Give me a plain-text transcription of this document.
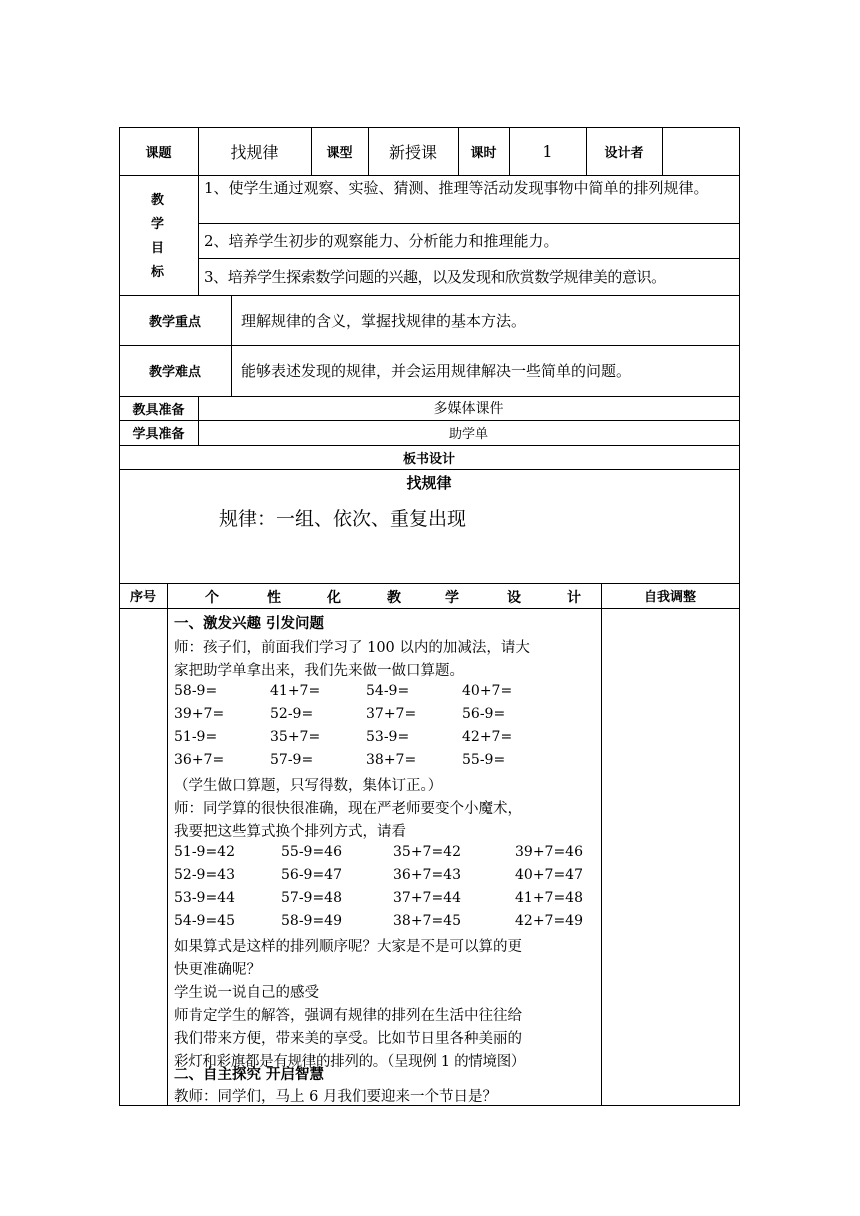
课题	找规律	课型	新授课	课时	1	设计者
教
学
目
标
1、使学生通过观察、实验、猜测、推理等活动发现事物中简单的排列规律。
2、培养学生初步的观察能力、分析能力和推理能力。
3、培养学生探索数学问题的兴趣，以及发现和欣赏数学规律美的意识。
教学重点	理解规律的含义，掌握找规律的基本方法。
教学难点	能够表述发现的规律，并会运用规律解决一些简单的问题。
教具准备	多媒体课件
学具准备	助学单
板书设计
找规律
规律：一组、依次、重复出现
序号	个	性	化	教	学	设	计	自我调整
一、激发兴趣 引发问题
师：孩子们，前面我们学习了 100 以内的加减法，请大
家把助学单拿出来，我们先来做一做口算题。
58-9=	41+7=	54-9=	40+7=
39+7=	52-9=	37+7=	56-9=
51-9=	35+7=	53-9=	42+7=
36+7=	57-9=	38+7=	55-9=
（学生做口算题，只写得数，集体订正。）
师：同学算的很快很准确，现在严老师要变个小魔术，
我要把这些算式换个排列方式，请看
51-9=42	55-9=46	35+7=42	39+7=46
52-9=43	56-9=47	36+7=43	40+7=47
53-9=44	57-9=48	37+7=44	41+7=48
54-9=45	58-9=49	38+7=45	42+7=49
如果算式是这样的排列顺序呢？大家是不是可以算的更
快更准确呢？
学生说一说自己的感受
师肯定学生的解答，强调有规律的排列在生活中往往给
我们带来方便，带来美的享受。比如节日里各种美丽的
彩灯和彩旗都是有规律的排列的。（呈现例 1 的情境图）
二、自主探究 开启智慧
教师：同学们，马上 6 月我们要迎来一个节日是？
